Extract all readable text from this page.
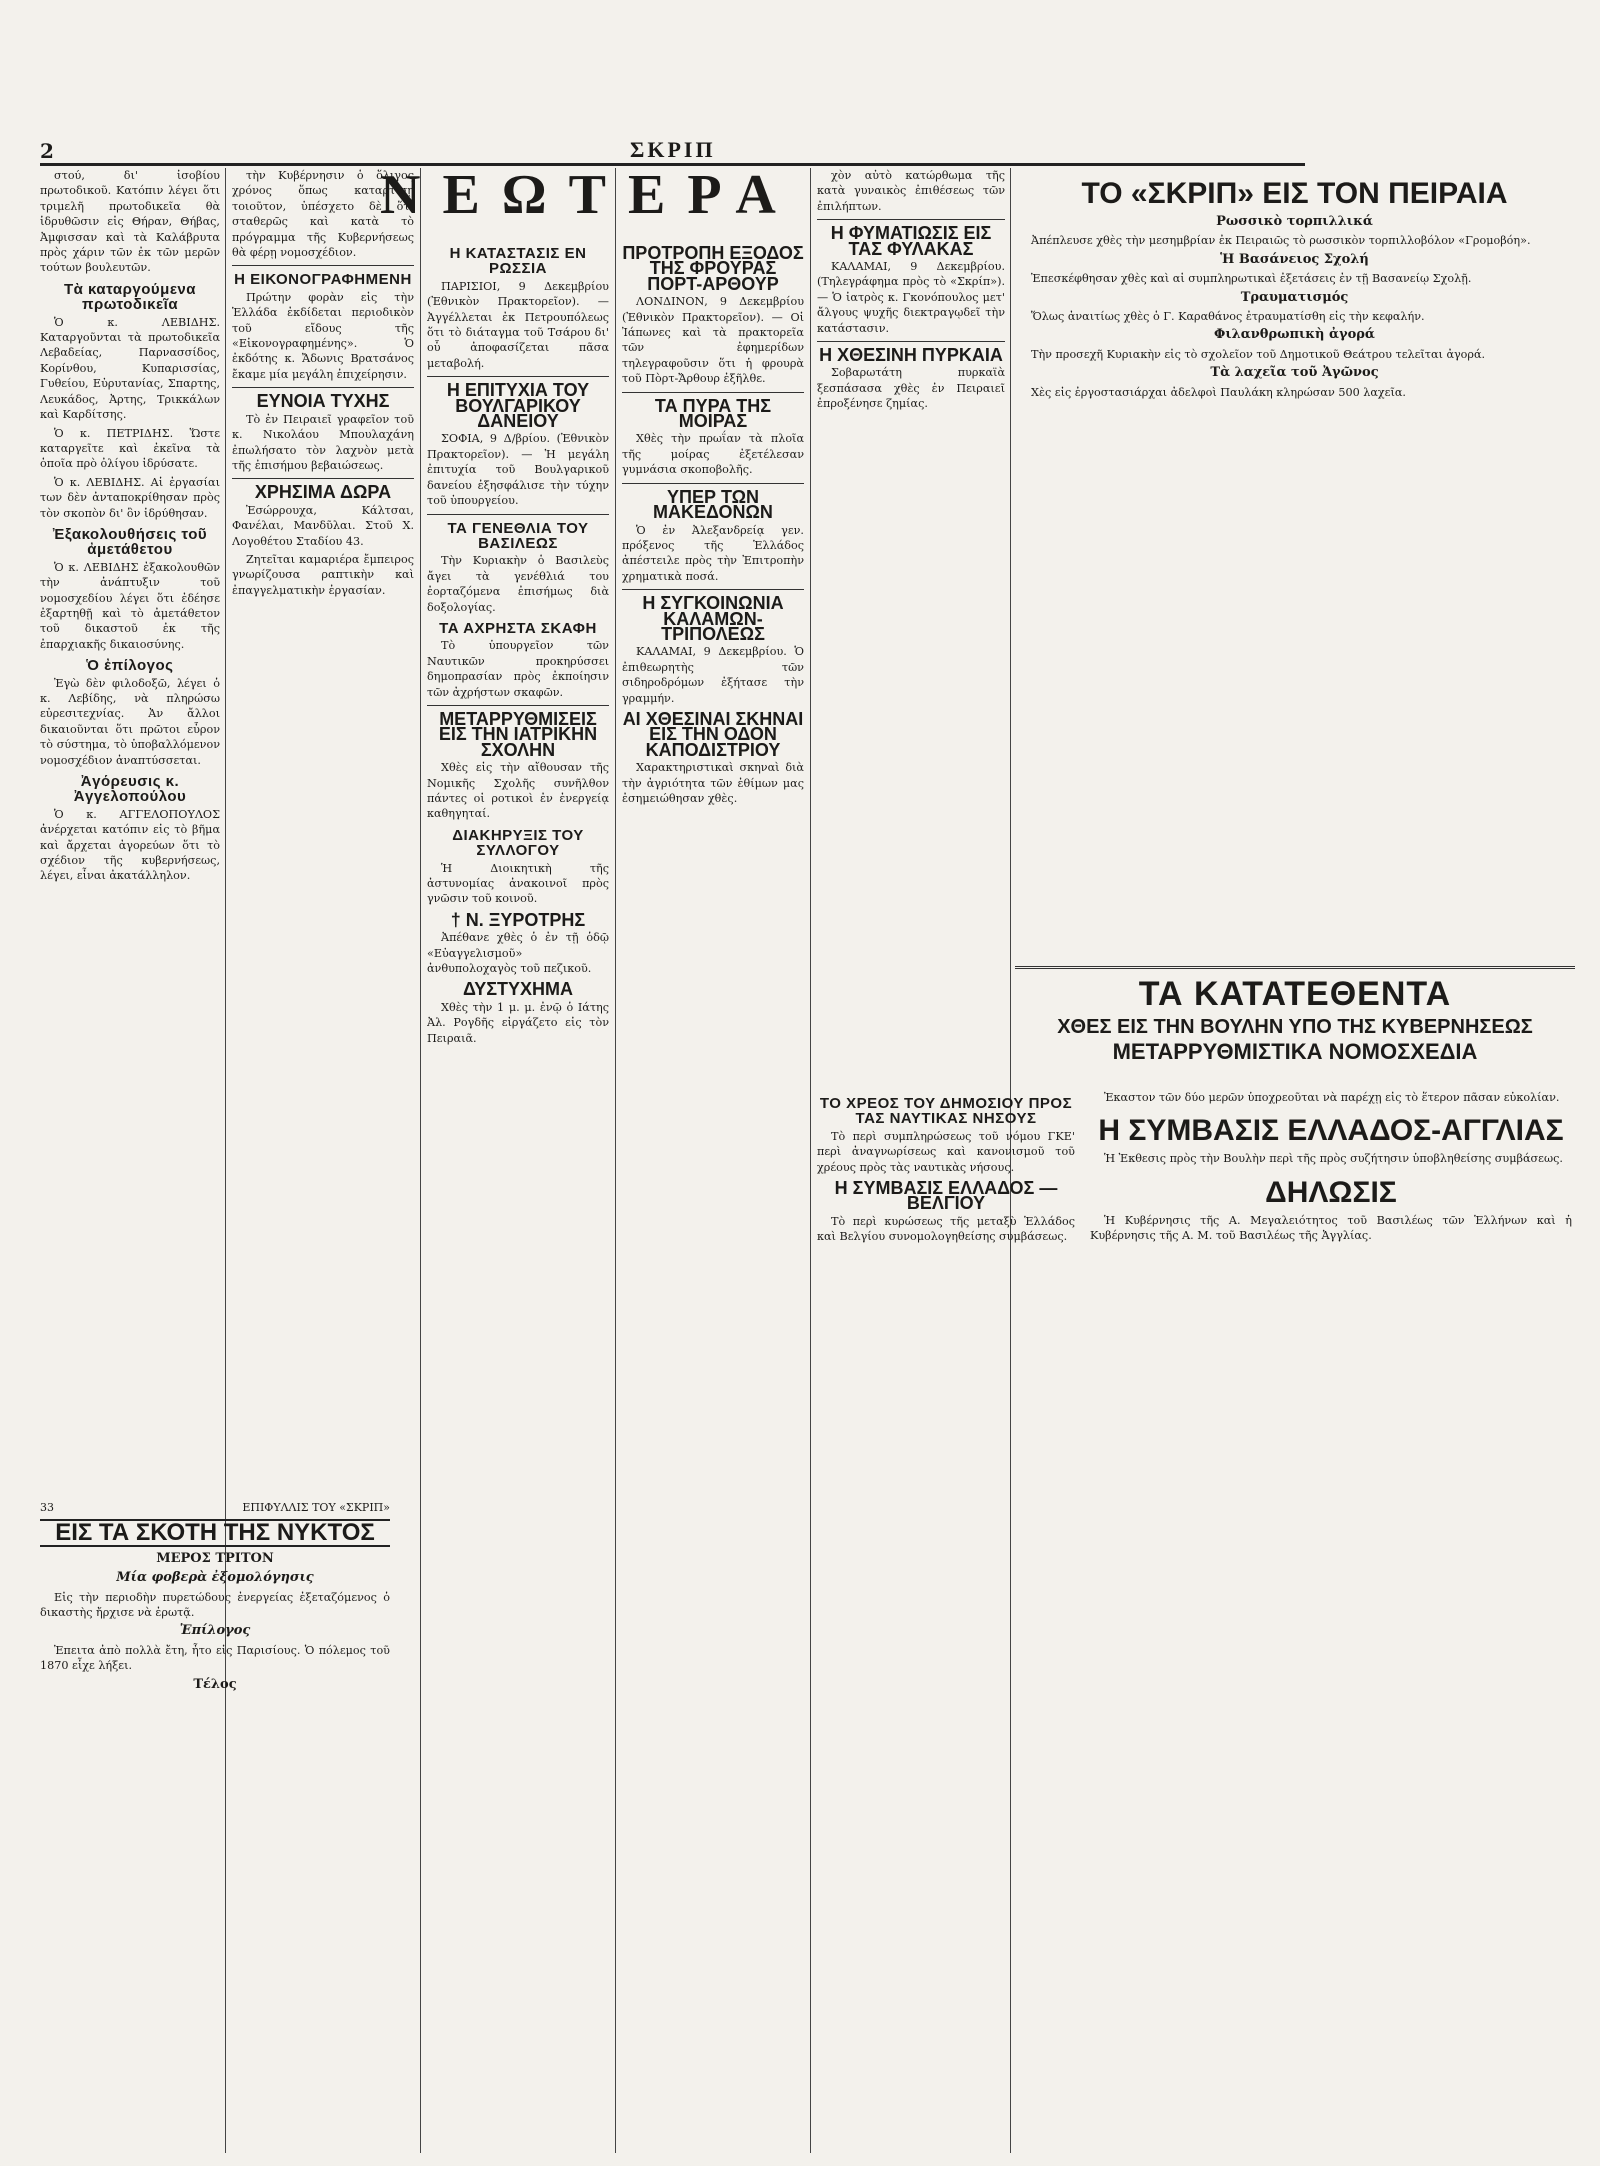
2	ΣΚΡΙΠ
ΝΕΩΤΕΡΑ

στού, δι' ἰσοβίου πρωτοδικοῦ. Κατόπιν λέγει ὅτι τριμελῆ πρωτοδικεῖα θὰ ἱδρυθῶσιν εἰς Θήραν, Θήβας, Ἀμφισσαν καὶ τὰ Καλάβρυτα πρὸς χάριν τῶν ἐκ τῶν μερῶν τούτων βουλευτῶν.

Τὰ καταργούμενα πρωτοδικεῖα

Ὁ κ. ΛΕΒΙΔΗΣ. Καταργοῦνται τὰ πρωτοδικεῖα Λεβαδείας, Παρνασσίδος, Κορίνθου, Κυπαρισσίας, Γυθείου, Εὐρυτανίας, Σπαρτης, Λευκάδος, Ἀρτης, Τρικκάλων καὶ Καρδίτσης.

Ὁ κ. ΠΕΤΡΙΔΗΣ. Ὥστε καταργεῖτε καὶ ἐκεῖνα τὰ ὁποῖα πρὸ ὀλίγου ἱδρύσατε.

Ὁ κ. ΛΕΒΙΔΗΣ. Αἱ ἐργασίαι των δὲν ἀνταποκρίθησαν πρὸς τὸν σκοπὸν δι' ὃν ἱδρύθησαν.

Ἐξακολουθήσεις τοῦ ἀμετάθετου

Ὁ κ. ΛΕΒΙΔΗΣ ἐξακολουθῶν τὴν ἀνάπτυξιν τοῦ νομοσχεδίου λέγει ὅτι ἐδέησε ἐξαρτηθῇ καὶ τὸ ἀμετάθετον τοῦ δικαστοῦ ἐκ τῆς ἐπαρχιακῆς δικαιοσύνης.

Ὁ ἐπίλογος

Ἐγὼ δὲν φιλοδοξῶ, λέγει ὁ κ. Λεβίδης, νὰ πληρώσω εὐρεσιτεχνίας. Ἀν ἄλλοι δικαιοῦνται ὅτι πρῶτοι εὗρον τὸ σύστημα, τὸ ὑποβαλλόμενον νομοσχέδιον ἀναπτύσσεται.

Ἀγόρευσις κ. Ἀγγελοπούλου

Ὁ κ. ΑΓΓΕΛΟΠΟΥΛΟΣ ἀνέρχεται κατόπιν εἰς τὸ βῆμα καὶ ἄρχεται ἀγορεύων ὅτι τὸ σχέδιον τῆς κυβερνήσεως, λέγει, εἶναι ἀκατάλληλον.

τὴν Κυβέρνησιν ὁ ὅλιγος χρόνος ὅπως καταρτίσῃ τοιοῦτον, ὑπέσχετο δὲ ὅτι σταθερῶς καὶ κατὰ τὸ πρόγραμμα τῆς Κυβερνήσεως θὰ φέρῃ νομοσχέδιον.

Η ΕΙΚΟΝΟΓΡΑΦΗΜΕΝΗ

Πρώτην φορὰν εἰς τὴν Ἑλλάδα ἐκδίδεται περιοδικὸν τοῦ εἴδους τῆς «Εἰκονογραφημένης». Ὁ ἐκδότης κ. Ἄδωνις Βρατσάνος ἔκαμε μία μεγάλη ἐπιχείρησιν.

ΕΥΝΟΙΑ ΤΥΧΗΣ

Τὸ ἐν Πειραιεῖ γραφεῖον τοῦ κ. Νικολάου Μπουλαχάνη ἐπωλήσατο τὸν λαχνὸν μετὰ τῆς ἐπισήμου βεβαιώσεως.

ΧΡΗΣΙΜΑ ΔΩΡΑ

Ἐσώρρουχα, Κάλτσαι, Φανέλαι, Μανδῦλαι. Στοῦ Χ. Λογοθέτου Σταδίου 43.

Ζητεῖται καμαριέρα ἔμπειρος γνωρίζουσα ραπτικὴν καὶ ἐπαγγελματικὴν ἐργασίαν.

Η ΚΑΤΑΣΤΑΣΙΣ ΕΝ ΡΩΣΣΙΑ

ΠΑΡΙΣΙΟΙ, 9 Δεκεμβρίου (Ἐθνικὸν Πρακτορεῖον). — Ἀγγέλλεται ἐκ Πετρουπόλεως ὅτι τὸ διάταγμα τοῦ Τσάρου δι' οὗ ἀποφασίζεται πᾶσα μεταβολή.

Η ΕΠΙΤΥΧΙΑ ΤΟΥ ΒΟΥΛΓΑΡΙΚΟΥ ΔΑΝΕΙΟΥ

ΣΟΦΙΑ, 9 Δ/βρίου. (Ἐθνικὸν Πρακτορεῖον). — Ἡ μεγάλη ἐπιτυχία τοῦ Βουλγαρικοῦ δανείου ἐξησφάλισε τὴν τύχην τοῦ ὑπουργείου.

ΤΑ ΓΕΝΕΘΛΙΑ ΤΟΥ ΒΑΣΙΛΕΩΣ

Τὴν Κυριακὴν ὁ Βασιλεὺς ἄγει τὰ γενέθλιά του ἐορταζόμενα ἐπισήμως διὰ δοξολογίας.

ΤΑ ΑΧΡΗΣΤΑ ΣΚΑΦΗ

Τὸ ὑπουργεῖον τῶν Ναυτικῶν προκηρύσσει δημοπρασίαν πρὸς ἐκποίησιν τῶν ἀχρήστων σκαφῶν.

ΜΕΤΑΡΡΥΘΜΙΣΕΙΣ ΕΙΣ ΤΗΝ ΙΑΤΡΙΚΗΝ ΣΧΟΛΗΝ

Χθὲς εἰς τὴν αἴθουσαν τῆς Νομικῆς Σχολῆς συνῆλθον πάντες οἱ ροτικοὶ ἐν ἐνεργείᾳ καθηγηταί.

ΔΙΑΚΗΡΥΞΙΣ ΤΟΥ ΣΥΛΛΟΓΟΥ

Ἡ Διοικητικὴ τῆς ἀστυνομίας ἀνακοινοῖ πρὸς γνῶσιν τοῦ κοινοῦ.

† Ν. ΞΥΡΟΤΡΗΣ

Ἀπέθανε χθὲς ὁ ἐν τῇ ὁδῷ «Εὐαγγελισμοῦ» ἀνθυπολοχαγὸς τοῦ πεζικοῦ.

ΔΥΣΤΥΧΗΜΑ

Χθὲς τὴν 1 μ. μ. ἐνῷ ὁ Ιάτης Ἀλ. Ρογδῆς εἰργάζετο εἰς τὸν Πειραιᾶ.

ΠΡΟΤΡΟΠΗ ΕΞΟΔΟΣ ΤΗΣ ΦΡΟΥΡΑΣ ΠΟΡΤ-ΑΡΘΟΥΡ

ΛΟΝΔΙΝΟΝ, 9 Δεκεμβρίου (Ἐθνικὸν Πρακτορεῖον). — Οἱ Ἰάπωνες καὶ τὰ πρακτορεῖα τῶν ἐφημερίδων τηλεγραφοῦσιν ὅτι ἡ φρουρὰ τοῦ Πὸρτ-Ἄρθουρ ἐξῆλθε.

ΤΑ ΠΥΡΑ ΤΗΣ ΜΟΙΡΑΣ

Χθὲς τὴν πρωΐαν τὰ πλοῖα τῆς μοίρας ἐξετέλεσαν γυμνάσια σκοποβολῆς.

ΥΠΕΡ ΤΩΝ ΜΑΚΕΔΟΝΩΝ

Ὁ ἐν Ἀλεξανδρείᾳ γεν. πρόξενος τῆς Ἑλλάδος ἀπέστειλε πρὸς τὴν Ἐπιτροπὴν χρηματικὰ ποσά.

Η ΣΥΓΚΟΙΝΩΝΙΑ ΚΑΛΑΜΩΝ-ΤΡΙΠΟΛΕΩΣ

ΚΑΛΑΜΑΙ, 9 Δεκεμβρίου. Ὁ ἐπιθεωρητὴς τῶν σιδηροδρόμων ἐξήτασε τὴν γραμμήν.

ΑΙ ΧΘΕΣΙΝΑΙ ΣΚΗΝΑΙ ΕΙΣ ΤΗΝ ΟΔΟΝ ΚΑΠΟΔΙΣΤΡΙΟΥ

Χαρακτηριστικαὶ σκηναὶ διὰ τὴν ἀγριότητα τῶν ἐθίμων μας ἐσημειώθησαν χθὲς.

χὸν αὐτὸ κατώρθωμα τῆς κατὰ γυναικὸς ἐπιθέσεως τῶν ἐπιλήπτων.

Η ΦΥΜΑΤΙΩΣΙΣ ΕΙΣ ΤΑΣ ΦΥΛΑΚΑΣ

ΚΑΛΑΜΑΙ, 9 Δεκεμβρίου. (Τηλεγράφημα πρὸς τὸ «Σκρίπ»). — Ὁ ἰατρὸς κ. Γκονόπουλος μετ' ἄλγους ψυχῆς διεκτραγῳδεῖ τὴν κατάστασιν.

Η ΧΘΕΣΙΝΗ ΠΥΡΚΑΙΑ

Σοβαρωτάτη πυρκαϊὰ ξεσπάσασα χθὲς ἐν Πειραιεῖ ἐπροξένησε ζημίας.

ΤΟ «ΣΚΡΙΠ» ΕΙΣ ΤΟΝ ΠΕΙΡΑΙΑ
Ρωσσικὸ τορπιλλικά

Ἀπέπλευσε χθὲς τὴν μεσημβρίαν ἐκ Πειραιῶς τὸ ρωσσικὸν τορπιλλοβόλον «Γρομοβόη».

Ἡ Βασάνειος Σχολή

Ἐπεσκέφθησαν χθὲς καὶ αἱ συμπληρωτικαὶ ἐξετάσεις ἐν τῇ Βασανείῳ Σχολῇ.

Τραυματισμός

Ὅλως ἀναιτίως χθὲς ὁ Γ. Καραθάνος ἐτραυματίσθη εἰς τὴν κεφαλήν.

Φιλανθρωπικὴ ἀγορά

Τὴν προσεχῆ Κυριακὴν εἰς τὸ σχολεῖον τοῦ Δημοτικοῦ Θεάτρου τελεῖται ἀγορά.

Τὰ λαχεῖα τοῦ Ἀγῶνος

Χὲς εἰς ἐργοστασιάρχαι ἀδελφοὶ Παυλάκη κληρώσαν 500 λαχεῖα.

ΤΑ ΚΑΤΑΤΕΘΕΝΤΑ
ΧΘΕΣ ΕΙΣ ΤΗΝ ΒΟΥΛΗΝ ΥΠΟ ΤΗΣ ΚΥΒΕΡΝΗΣΕΩΣ
ΜΕΤΑΡΡΥΘΜΙΣΤΙΚΑ ΝΟΜΟΣΧΕΔΙΑ
ΤΟ ΧΡΕΟΣ ΤΟΥ ΔΗΜΟΣΙΟΥ ΠΡΟΣ ΤΑΣ ΝΑΥΤΙΚΑΣ ΝΗΣΟΥΣ

Τὸ περὶ συμπληρώσεως τοῦ νόμου ΓΚΕ' περὶ ἀναγνωρίσεως καὶ κανονισμοῦ τοῦ χρέους πρὸς τὰς ναυτικὰς νήσους.

Η ΣΥΜΒΑΣΙΣ ΕΛΛΑΔΟΣ — ΒΕΛΓΙΟΥ

Τὸ περὶ κυρώσεως τῆς μεταξὺ Ἑλλάδος καὶ Βελγίου συνομολογηθείσης συμβάσεως.

Ἐκαστον τῶν δύο μερῶν ὑποχρεοῦται νὰ παρέχῃ εἰς τὸ ἕτερον πᾶσαν εὐκολίαν.

Η ΣΥΜΒΑΣΙΣ ΕΛΛΑΔΟΣ-ΑΓΓΛΙΑΣ

Ἡ Ἐκθεσις πρὸς τὴν Βουλὴν περὶ τῆς πρὸς συζήτησιν ὑποβληθείσης συμβάσεως.

ΔΗΛΩΣΙΣ

Ἡ Κυβέρνησις τῆς Α. Μεγαλειότητος τοῦ Βασιλέως τῶν Ἑλλήνων καὶ ἡ Κυβέρνησις τῆς Α. Μ. τοῦ Βασιλέως τῆς Ἀγγλίας.

33	ΕΠΙΦΥΛΛΙΣ ΤΟΥ «ΣΚΡΙΠ»
ΕΙΣ ΤΑ ΣΚΟΤΗ ΤΗΣ ΝΥΚΤΟΣ
ΜΕΡΟΣ ΤΡΙΤΟΝ
Μία φοβερὰ ἐξομολόγησις

Εἰς τὴν περιοδὴν πυρετώδους ἐνεργείας ἐξεταζόμενος ὁ δικαστὴς ἤρχισε νὰ ἐρωτᾷ.

Ἐπίλογος

Ἐπειτα ἀπὸ πολλὰ ἔτη, ἦτο εἰς Παρισίους. Ὁ πόλεμος τοῦ 1870 εἶχε λήξει.

Τέλος
